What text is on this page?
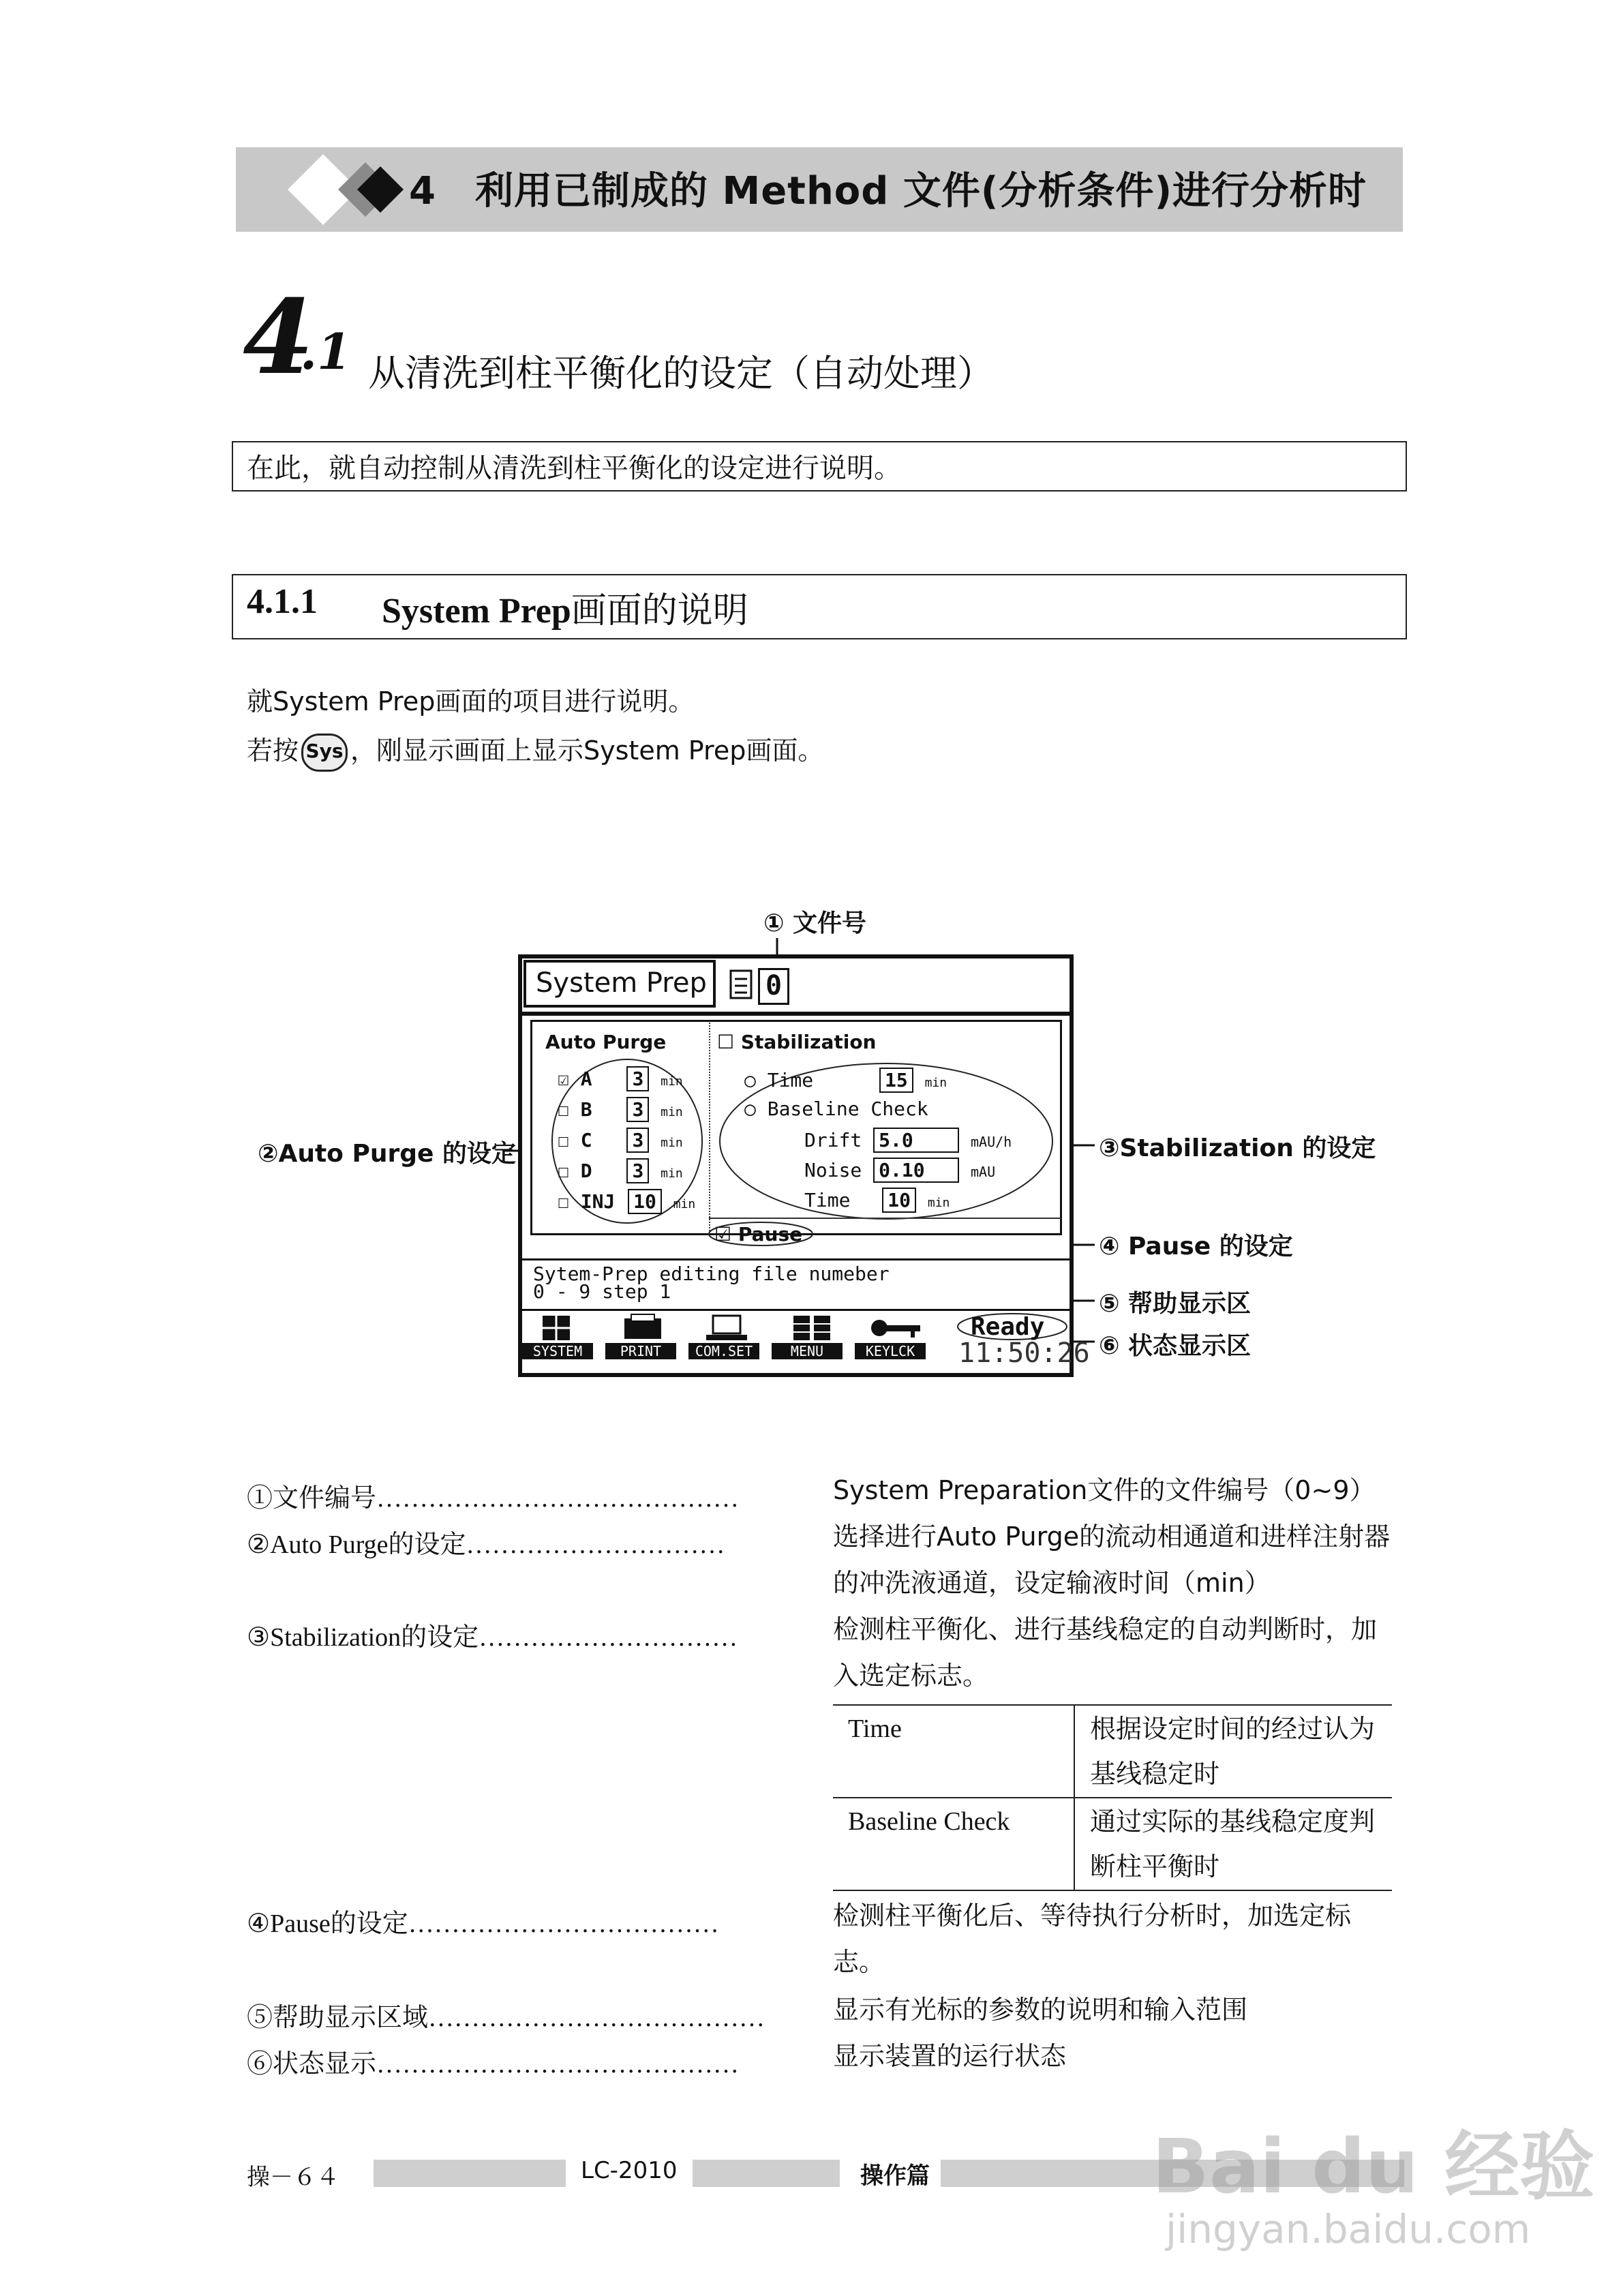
4　利用已制成的 Method 文件(分析条件)进行分析时
4
.1 从清洗到柱平衡化的设定（自动处理）
在此，就自动控制从清洗到柱平衡化的设定进行说明。
4.1.1 System Prep画面的说明
就System Prep画面的项目进行说明。
若按 Sys ，刚显示画面上显示System Prep画面。
① 文件号
②Auto Purge 的设定	③Stabilization 的设定
④ Pause 的设定
⑤ 帮助显示区
⑥ 状态显示区
System Prep	0
Auto Purge
☑ A 3 min
☐ B 3 min
☐ C 3 min
☐ D 3 min
☐ INJ 10 min
☐ Stabilization
○ Time	15 min
○ Baseline Check
Drift 5.0	mAU/h
Noise 0.10	mAU
Time 10 min
☑ Pause
Sytem-Prep editing file numeber
0 - 9 step 1
SYSTEM	PRINT	COM.SET	MENU	KEYLCK
Ready
11:50:26
①文件编号……………………………………	System Preparation文件的文件编号（0~9）
②Auto Purge的设定…………………………	选择进行Auto Purge的流动相通道和进样注射器的冲洗液通道，设定输液时间（min）
③Stabilization的设定…………………………	检测柱平衡化、进行基线稳定的自动判断时，加入选定标志。
Time	根据设定时间的经过认为基线稳定时
Baseline Check	通过实际的基线稳定度判断柱平衡时
④Pause的设定………………………………	检测柱平衡化后、等待执行分析时，加选定标志。
⑤帮助显示区域…………………………………	显示有光标的参数的说明和输入范围
⑥状态显示……………………………………	显示装置的运行状态
操－６４	LC-2010	操作篇	Bai du 经验
jingyan.baidu.com
